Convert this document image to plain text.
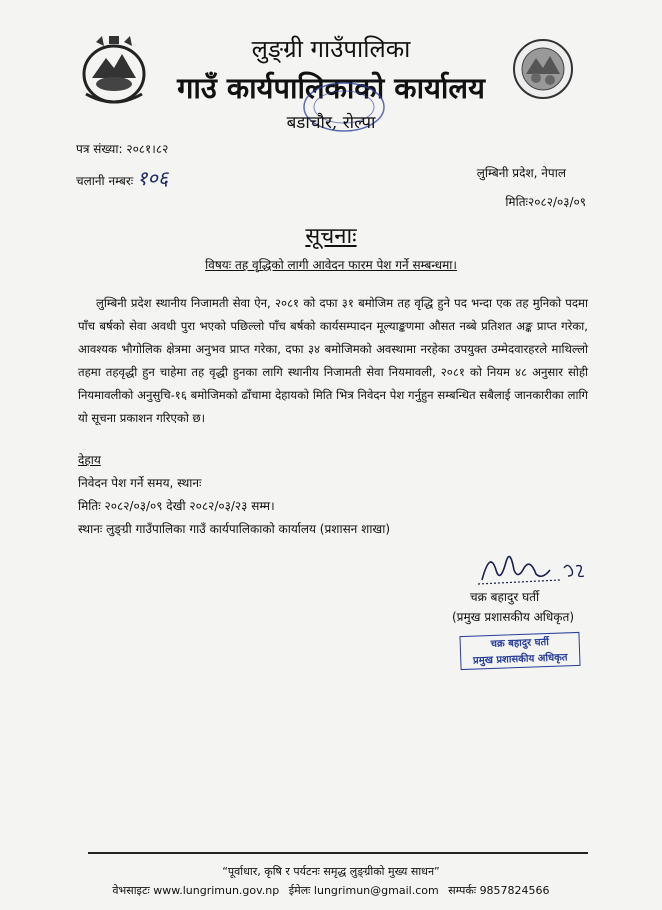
लुङ्ग्री गाउँपालिका
गाउँ कार्यपालिकाको कार्यालय
बडाचौर, रोल्पा
पत्र संख्या: २०८१।८२
चलानी नम्बरः १०६	लुम्बिनी प्रदेश, नेपाल
मितिः२०८२/०३/०९
सूचनाः
विषयः तह वृद्धिको लागी आवेदन फारम पेश गर्ने सम्बन्धमा।

लुम्बिनी प्रदेश स्थानीय निजामती सेवा ऐन, २०८१ को दफा ३१ बमोजिम तह वृद्धि हुने पद भन्दा एक तह मुनिको पदमा पाँच बर्षको सेवा अवधी पुरा भएको पछिल्लो पाँच बर्षको कार्यसम्पादन मूल्याङ्कणमा औसत नब्बे प्रतिशत अङ्क प्राप्त गरेका, आवश्यक भौगोलिक क्षेत्रमा अनुभव प्राप्त गरेका, दफा ३४ बमोजिमको अवस्थामा नरहेका उपयुक्त उम्मेदवारहरले माथिल्लो तहमा तहवृद्धी हुन चाहेमा तह वृद्धी हुनका लागि स्थानीय निजामती सेवा नियमावली, २०८१ को नियम ४८ अनुसार सोही नियमावलीको अनुसुचि-१६ बमोजिमको ढाँचामा देहायको मिति भित्र निवेदन पेश गर्नुहुन सम्बन्धित सबैलाई जानकारीका लागि यो सूचना प्रकाशन गरिएको छ।

देहाय
निवेदन पेश गर्ने समय, स्थानः
मितिः २०८२/०३/०९ देखी २०८२/०३/२३ सम्म।
स्थानः लुङ्ग्री गाउँपालिका गाउँ कार्यपालिकाको कार्यालय (प्रशासन शाखा)
चक्र बहादुर घर्ती
(प्रमुख प्रशासकीय अधिकृत)
चक्र बहादुर घर्ती
प्रमुख प्रशासकीय अधिकृत
“पूर्वाधार, कृषि र पर्यटनः समृद्ध लुङ्ग्रीको मुख्य साधन”
वेभसाइटः www.lungrimun.gov.np ईमेलः lungrimun@gmail.com सम्पर्कः 9857824566
